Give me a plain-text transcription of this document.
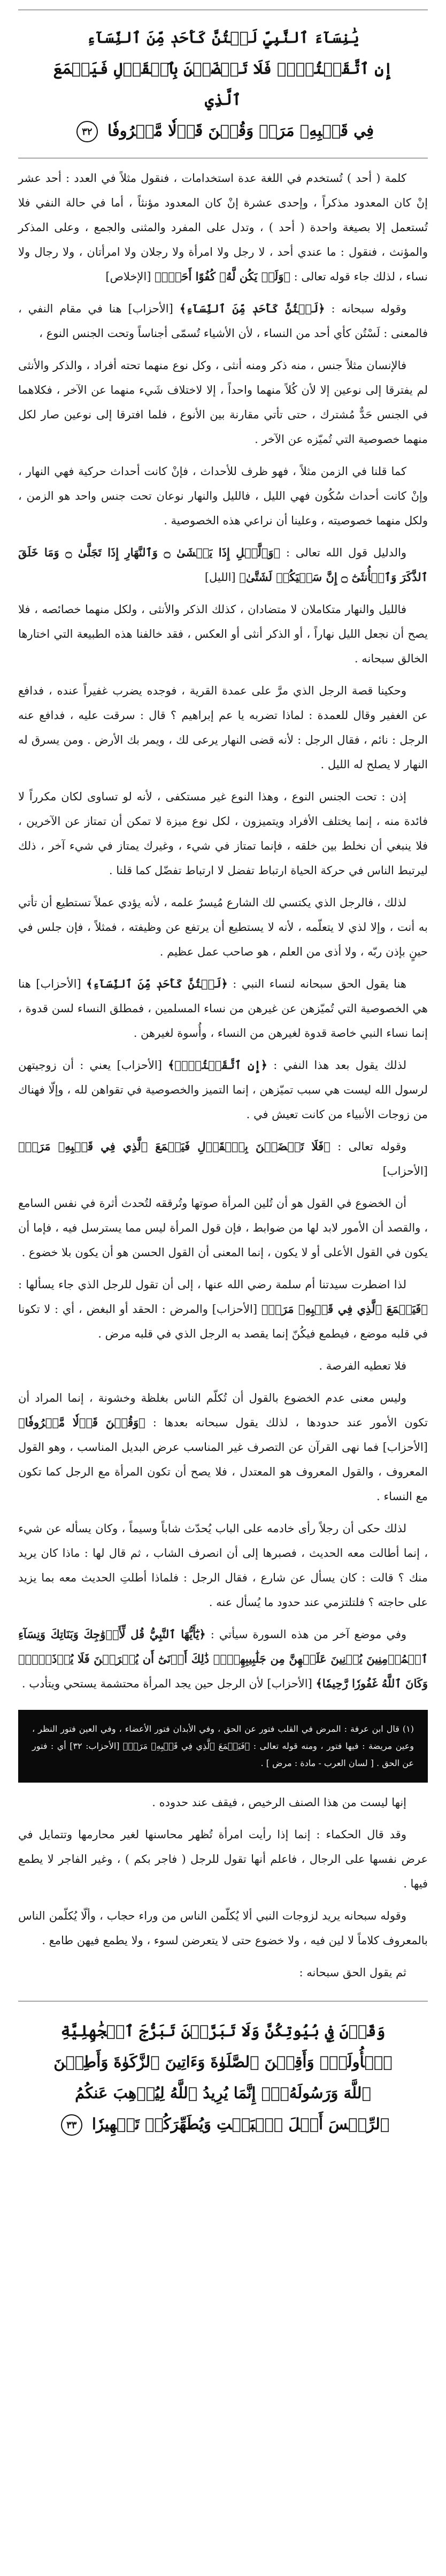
يَٰنِسَآءَ ٱلنَّبِيِّ لَسۡتُنَّ كَأَحَدٖ مِّنَ ٱلنِّسَآءِ
إِنِ ٱتَّقَيۡتُنَّۚ فَلَا تَخۡضَعۡنَ بِٱلۡقَوۡلِ فَيَطۡمَعَ ٱلَّذِي
فِي قَلۡبِهِۦ مَرَضٞ وَقُلۡنَ قَوۡلٗا مَّعۡرُوفٗا ٣٢

كلمة ( أحد ) تُستخدم في اللغة عدة استخدامات ، فنقول مثلاً في العدد : أحد عشر إنْ كان المعدود مذكراً ، وإحدى عشرة إنْ كان المعدود مؤنثاً ، أما في حالة النفي فلا تُستعمل إلا بصيغة واحدة ( أحد ) ، وتدل على المفرد والمثنى والجمع ، وعلى المذكر والمؤنث ، فنقول : ما عندي أحد ، لا رجل ولا امرأة ولا رجلان ولا امرأتان ، ولا رجال ولا نساء ، لذلك جاء قوله تعالى : ﴿وَلَمۡ يَكُن لَّهُۥ كُفُوًا أَحَدُۢ﴾ [الإخلاص]

وقوله سبحانه : ﴿لَسۡتُنَّ كَأَحَدٖ مِّنَ ٱلنِّسَآءِ﴾ [الأحزاب] هنا في مقام النفي ، فالمعنى : لَسْتُن كأي أحد من النساء ، لأن الأشياء تُسمّى أجناساً وتحت الجنس النوع ،

فالإنسان مثلاً جنس ، منه ذكر ومنه أنثى ، وكل نوع منهما تحته أفراد ، والذكر والأنثى لم يفترقا إلى نوعين إلا لأن كُلاً منهما واحداً ، إلا لاختلاف شَيء منهما عن الآخر ، فكلاهما في الجنس حَدٌّ مُشترك ، حتى تأتي مقارنة بين الأنوع ، فلما افترقا إلى نوعين صار لكل منهما خصوصية التي تُميّزه عن الآخر .

كما قلنا في الزمن مثلاً ، فهو ظرف للأحداث ، فإنْ كانت أحداث حركية فهي النهار ، وإنْ كانت أحداث سُكُون فهي الليل ، فالليل والنهار نوعان تحت جنس واحد هو الزمن ، ولكل منهما خصوصيته ، وعلينا أن نراعي هذه الخصوصية .

والدليل قول الله تعالى : ﴿وَٱلَّيۡلِ إِذَا يَغۡشَىٰ ۝ وَٱلنَّهَارِ إِذَا تَجَلَّىٰ ۝ وَمَا خَلَقَ ٱلذَّكَرَ وَٱلۡأُنثَىٰٓ ۝ إِنَّ سَعۡيَكُمۡ لَشَتَّىٰ﴾ [الليل]

فالليل والنهار متكاملان لا متضادان ، كذلك الذكر والأنثى ، ولكل منهما خصائصه ، فلا يصح أن نجعل الليل نهاراً ، أو الذكر أنثى أو العكس ، فقد خالفنا هذه الطبيعة التي اختارها الخالق سبحانه .

وحكينا قصة الرجل الذي مرَّ على عمدة القرية ، فوجده يضرب غفيراً عنده ، فدافع عن الغفير وقال للعمدة : لماذا تضربه يا عم إبراهيم ؟ قال : سرقت عليه ، فدافع عنه الرجل : نائم ، فقال الرجل : لأنه قضى النهار يرعى لك ، ويمر بك الأرض . ومن يسرق له النهار لا يصلح له الليل .

إذن : تحت الجنس النوع ، وهذا النوع غير مستكفى ، لأنه لو تساوى لكان مكرراً لا فائدة منه ، إنما يختلف الأفراد ويتميزون ، لكل نوع ميزة لا تمكن أن تمتاز عن الآخرين ، فلا ينبغي أن نخلط بين خلقه ، فإنما تمتاز في شيء ، وغيرك يمتاز في شيء آخر ، ذلك ليرتبط الناس في حركة الحياة ارتباط تفضل لا ارتباط تفضّل كما قلنا .

لذلك ، فالرجل الذي يكتسي لك الشارع مُيسرٌ علمه ، لأنه يؤدي عملاً تستطيع أن تأتي به أنت ، وإلا لذي لا يتعلّمه ، لأنه لا يستطيع أن يرتفع عن وظيفته ، فمثلاً ، فإن جلس في حينٍ بإذن ربّه ، ولا أذى من العلم ، هو صاحب عمل عظيم .

هنا يقول الحق سبحانه لنساء النبي : ﴿لَسۡتُنَّ كَأَحَدٖ مِّنَ ٱلنِّسَآءِ﴾ [الأحزاب] هنا هي الخصوصية التي تُميّزهن عن غيرهن من نساء المسلمين ، فمطلق النساء لسن قدوة ، إنما نساء النبي خاصة قدوة لغيرهن من النساء ، وأُسوة لغيرهن .

لذلك يقول بعد هذا النفي : ﴿إِنِ ٱتَّقَيۡتُنَّۚ﴾ [الأحزاب] يعني : أن زوجيتهن لرسول الله ليست هي سبب تميّزهن ، إنما التميز والخصوصية في تقواهن لله ، وإلّا فهناك من زوجات الأنبياء من كانت تعيش في .

وقوله تعالى : ﴿فَلَا تَخۡضَعۡنَ بِٱلۡقَوۡلِ فَيَطۡمَعَ ٱلَّذِي فِي قَلۡبِهِۦ مَرَضٞ﴾ [الأحزاب]

أن الخضوع في القول هو أن تُلين المرأة صوتها وتُرققه لتُحدث أثرة في نفس السامع ، والقصد أن الأمور لابد لها من ضوابط ، فإن قول المرأة ليس مما يسترسل فيه ، فإما أن يكون في القول الأعلى أو لا يكون ، إنما المعنى أن القول الحسن هو أن يكون بلا خضوع .

لذا اضطرت سيدتنا أم سلمة رضي الله عنها ، إلى أن تقول للرجل الذي جاء يسألها : ﴿فَيَطۡمَعَ ٱلَّذِي فِي قَلۡبِهِۦ مَرَضٞ﴾ [الأحزاب] والمرض : الحقد أو البغض ، أي : لا تكونا في قلبه موضع ، فيطمع فيكُنّ إنما يقصد به الرجل الذي في قلبه مرض .

فلا تعطيه الفرصة .

وليس معنى عدم الخضوع بالقول أن تُكلّم الناس بغلظة وخشونة ، إنما المراد أن تكون الأمور عند حدودها ، لذلك يقول سبحانه بعدها : ﴿وَقُلۡنَ قَوۡلٗا مَّعۡرُوفٗا﴾ [الأحزاب] فما نهى القرآن عن التصرف غير المناسب عرض البديل المناسب ، وهو القول المعروف ، والقول المعروف هو المعتدل ، فلا يصح أن تكون المرأة مع الرجل كما تكون مع النساء .

لذلك حكى أن رجلاً رأى خادمه على الباب يُحدّث شاباً وسيماً ، وكان يسأله عن شيء ، إنما أطالت معه الحديث ، فصبرها إلى أن انصرف الشاب ، ثم قال لها : ماذا كان يريد منك ؟ قالت : كان يسأل عن شارع ، فقال الرجل : فلماذا أطلتِ الحديث معه بما يزيد على حاجته ؟ فلتلتزمي عند حدود ما يُسأل عنه .

وفي موضع آخر من هذه السورة سيأتي : ﴿يَٰٓأَيُّهَا ٱلنَّبِيُّ قُل لِّأَزۡوَٰجِكَ وَبَنَاتِكَ وَنِسَآءِ ٱلۡمُؤۡمِنِينَ يُدۡنِينَ عَلَيۡهِنَّ مِن جَلَٰبِيبِهِنَّۚ ذَٰلِكَ أَدۡنَىٰٓ أَن يُعۡرَفۡنَ فَلَا يُؤۡذَيۡنَۗ وَكَانَ ٱللَّهُ غَفُورٗا رَّحِيمٗا﴾ [الأحزاب] لأن الرجل حين يجد المرأة محتشمة يستحي ويتأدب .

(١) قال ابن عرفة : المرض في القلب فتور عن الحق ، وفي الأبدان فتور الأعضاء ، وفي العين فتور النظر ، وعين مريضة : فيها فتور ، ومنه قوله تعالى : ﴿فَيَطۡمَعَ ٱلَّذِي فِي قَلۡبِهِۦ مَرَضٞ﴾ [الأحزاب: ٣٢] أي : فتور عن الحق . [ لسان العرب - مادة : مرض ] .

إنها ليست من هذا الصنف الرخيص ، فيقف عند حدوده .

وقد قال الحكماء : إنما إذا رأيت امرأة تُظهر محاسنها لغير محارمها وتتمايل في عرض نفسها على الرجال ، فاعلم أنها تقول للرجل ( فاجر بكم ) ، وغير الفاجر لا يطمع فيها .

وقوله سبحانه يريد لزوجات النبي ألا يُكلّمن الناس من وراء حجاب ، وألّا يُكلّمن الناس بالمعروف كلاماً لا لين فيه ، ولا خضوع حتى لا يتعرضن لسوء ، ولا يطمع فيهن طامع .

ثم يقول الحق سبحانه :

وَقَرۡنَ فِي بُيُوتِكُنَّ وَلَا تَبَرَّجۡنَ تَبَرُّجَ ٱلۡجَٰهِلِيَّةِ
ٱلۡأُولَىٰۖ وَأَقِمۡنَ ٱلصَّلَوٰةَ وَءَاتِينَ ٱلزَّكَوٰةَ وَأَطِعۡنَ
ٱللَّهَ وَرَسُولَهُۥٓۚ إِنَّمَا يُرِيدُ ٱللَّهُ لِيُذۡهِبَ عَنكُمُ
ٱلرِّجۡسَ أَهۡلَ ٱلۡبَيۡتِ وَيُطَهِّرَكُمۡ تَطۡهِيرٗا ٣٣
